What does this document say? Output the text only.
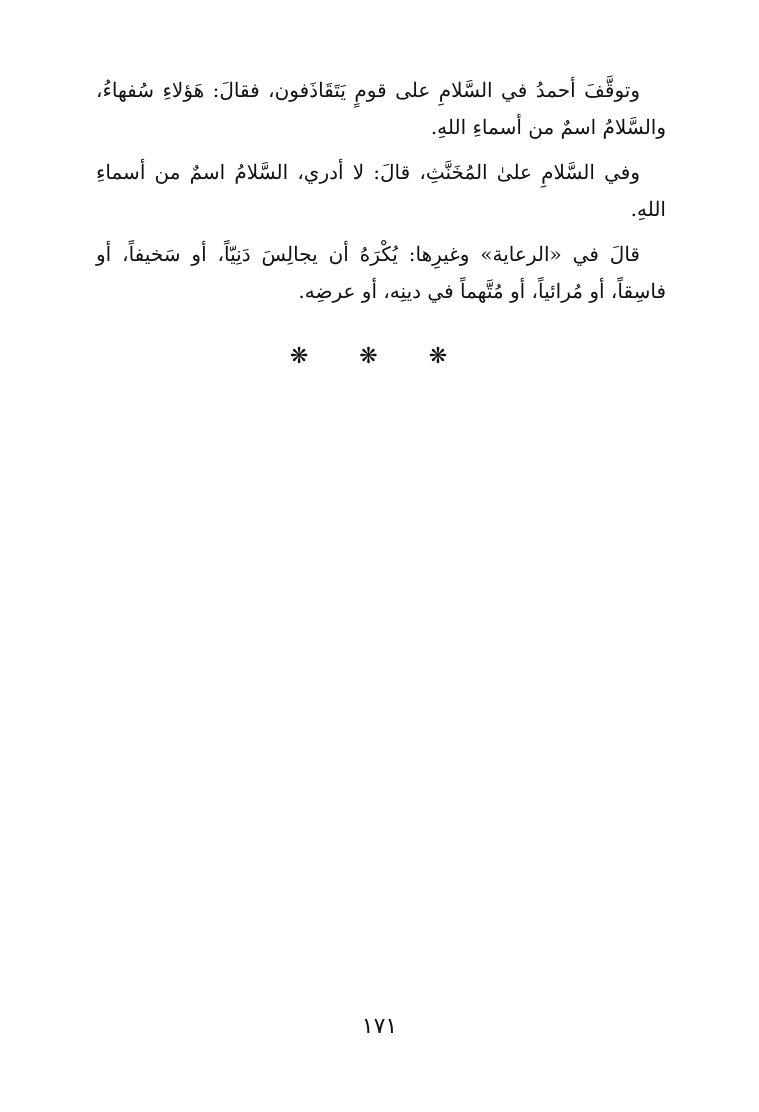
وتوقَّفَ أحمدُ في السَّلامِ على قومٍ يَتَقَاذَفون، فقالَ: هَؤلاءِ سُفهاءُ، والسَّلامُ اسمٌ من أسماءِ اللهِ.

وفي السَّلامِ علىٰ المُخَنَّثِ، قالَ: لا أدري، السَّلامُ اسمٌ من أسماءِ اللهِ.

قالَ في «الرعاية» وغيرِها: يُكْرَهُ أن يجالِسَ دَنِيّاً، أو سَخيفاً، أو فاسِقاً، أو مُرائياً، أو مُتَّهماً في دينِه، أو عرضِه.

❋ ❋ ❋
١٧١
